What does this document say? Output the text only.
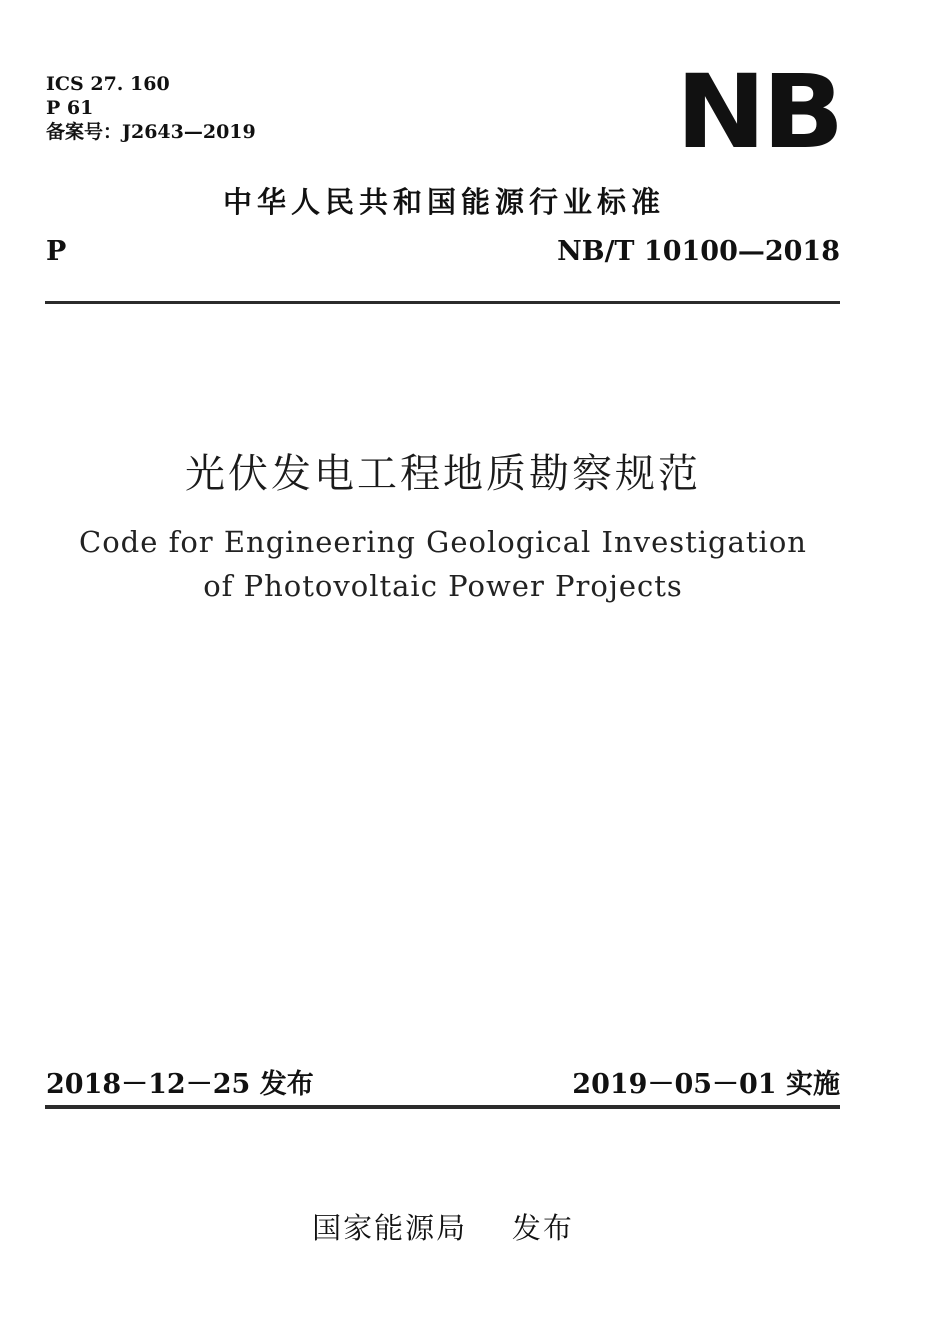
ICS 27. 160
P 61
备案号：J2643—2019	NB
中华人民共和国能源行业标准
P	NB/T 10100—2018
光伏发电工程地质勘察规范
Code for Engineering Geological Investigation
of Photovoltaic Power Projects
2018－12－25 发布	2019－05－01 实施
国家能源局    发布
